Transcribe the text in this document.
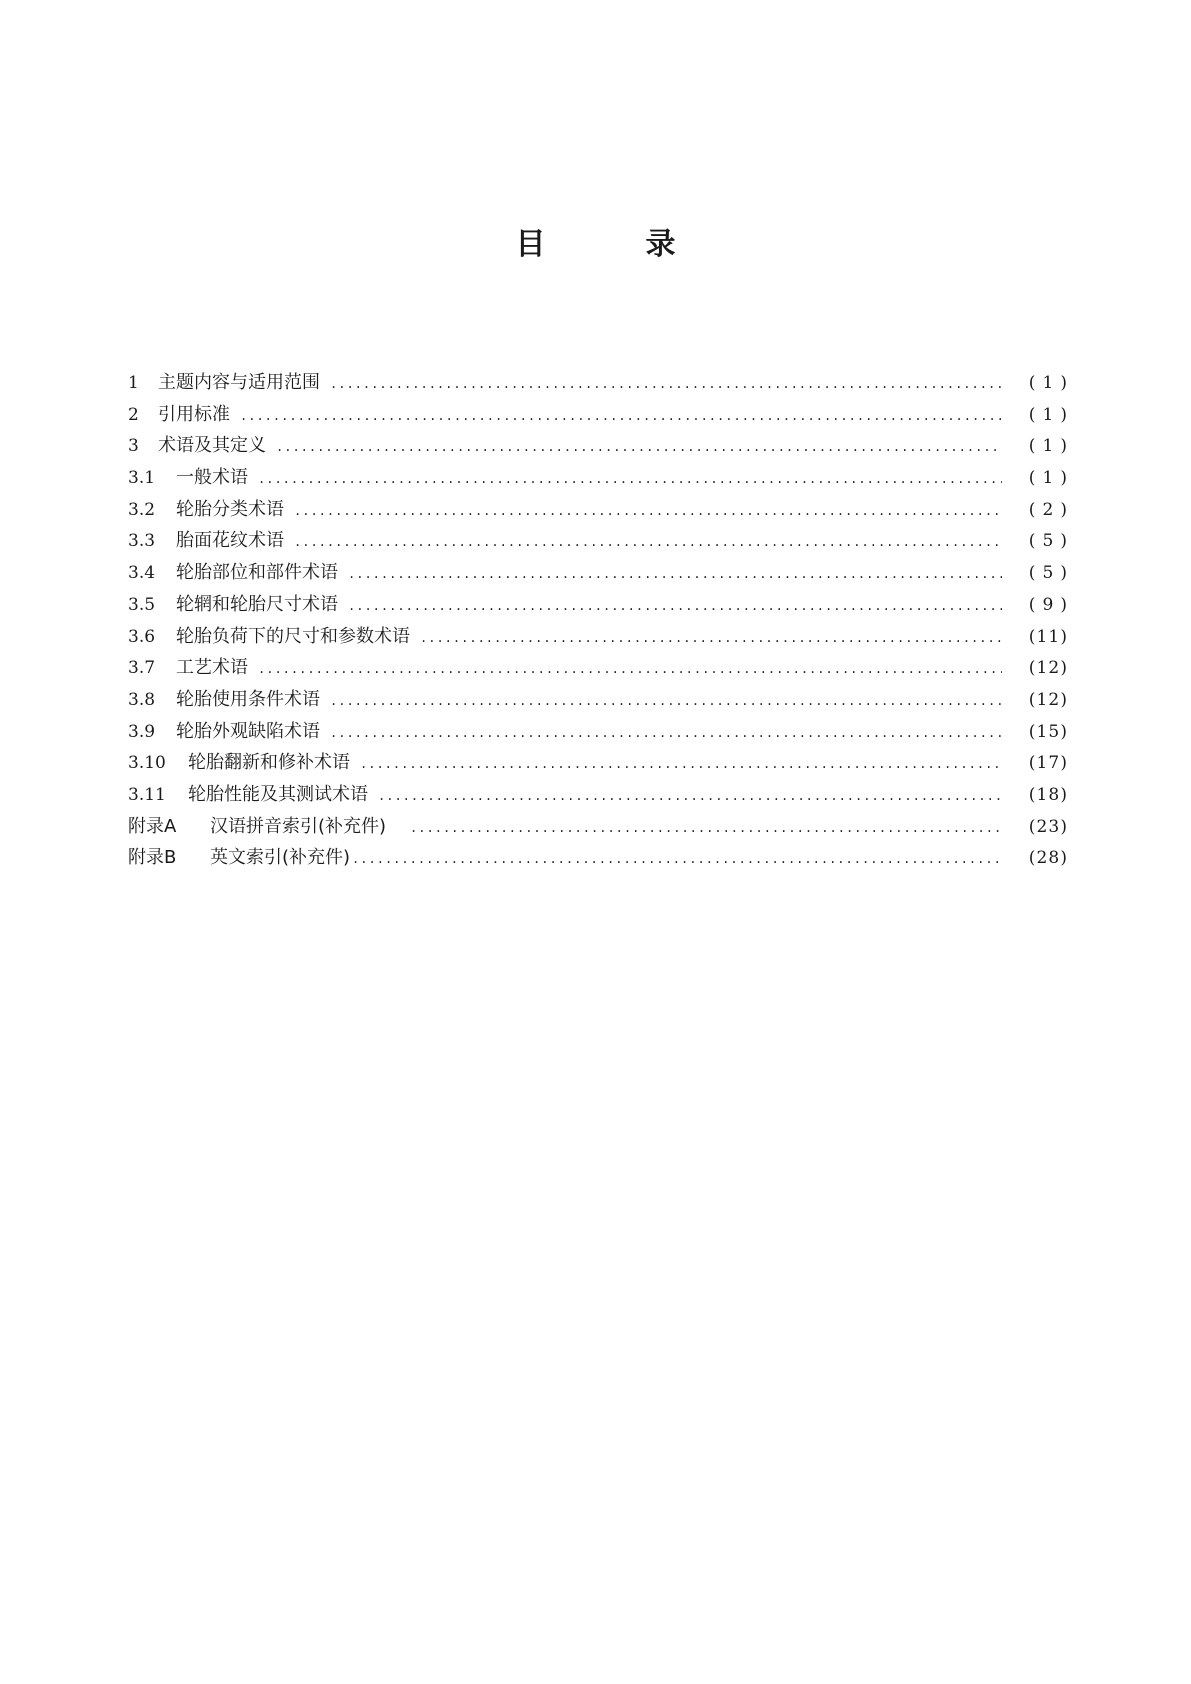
目	录
1	主题内容与适用范围 .....	( 1 )
2	引用标准 .....	( 1 )
3	术语及其定义 .....	( 1 )
3.1	一般术语 .....	( 1 )
3.2	轮胎分类术语 .....	( 2 )
3.3	胎面花纹术语 .....	( 5 )
3.4	轮胎部位和部件术语 .....	( 5 )
3.5	轮辋和轮胎尺寸术语 .....	( 9 )
3.6	轮胎负荷下的尺寸和参数术语 .....	(11)
3.7	工艺术语 .....	(12)
3.8	轮胎使用条件术语 .....	(12)
3.9	轮胎外观缺陷术语 .....	(15)
3.10	轮胎翻新和修补术语 .....	(17)
3.11	轮胎性能及其测试术语 .....	(18)
附录A	汉语拼音索引(补充件) .....	(23)
附录B	英文索引(补充件) .....	(28)
